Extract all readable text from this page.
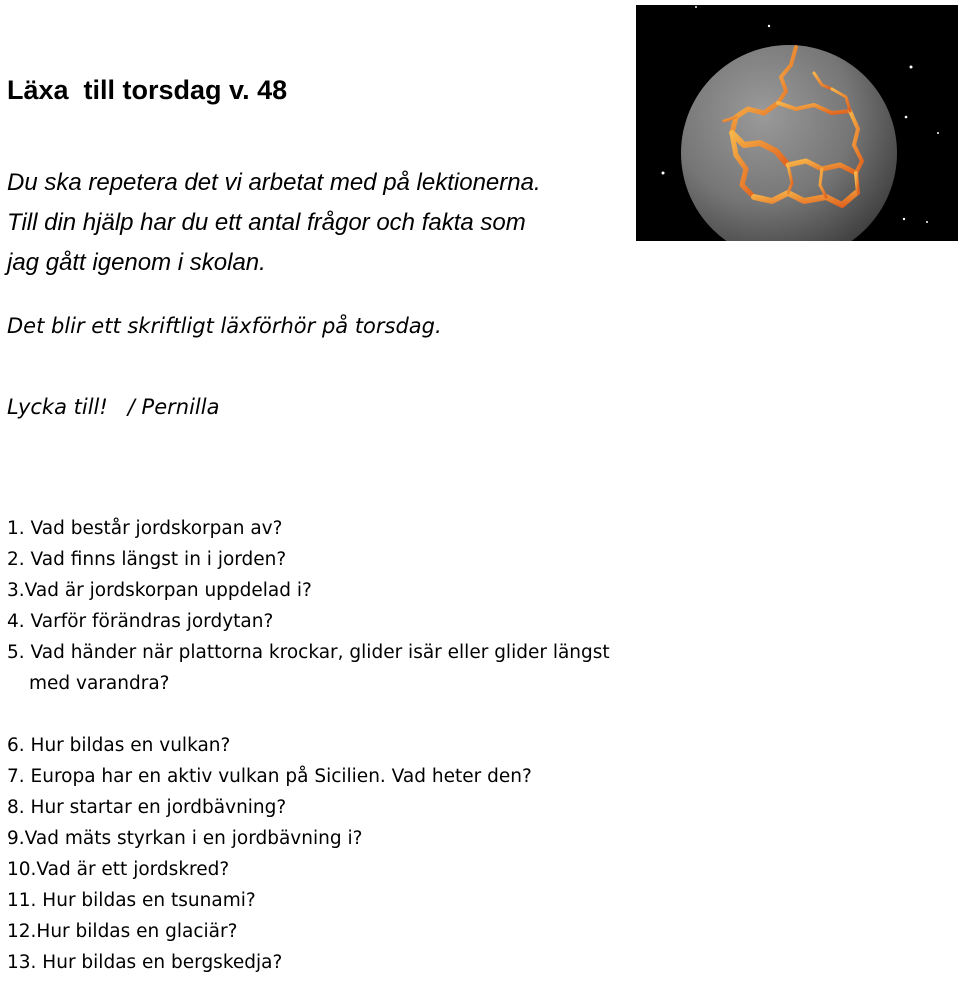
Läxa  till torsdag v. 48

Du ska repetera det vi arbetat med på lektionerna.
Till din hjälp har du ett antal frågor och fakta som
jag gått igenom i skolan.

Det blir ett skriftligt läxförhör på torsdag.

Lycka till!   / Pernilla

1. Vad består jordskorpan av?
2. Vad finns längst in i jorden?
3.Vad är jordskorpan uppdelad i?
4. Varför förändras jordytan?
5. Vad händer när plattorna krockar, glider isär eller glider längst
med varandra?
6. Hur bildas en vulkan?
7. Europa har en aktiv vulkan på Sicilien. Vad heter den?
8. Hur startar en jordbävning?
9.Vad mäts styrkan i en jordbävning i?
10.Vad är ett jordskred?
11. Hur bildas en tsunami?
12.Hur bildas en glaciär?
13. Hur bildas en bergskedja?
